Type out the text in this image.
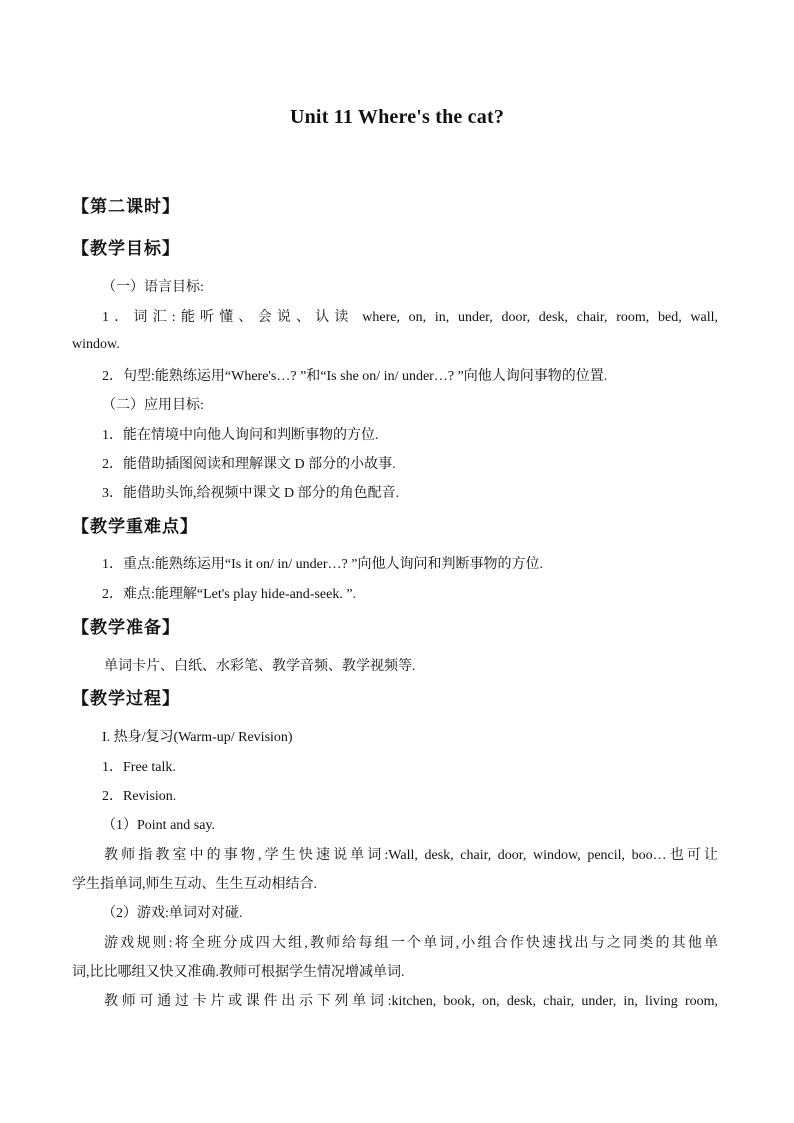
Unit 11 Where's the cat?
【第二课时】
【教学目标】
（一）语言目标:
1．词汇:能听懂、会说、认读 where, on, in, under, door, desk, chair, room, bed, wall,
window.
2．句型:能熟练运用“Where's…? ”和“Is she on/ in/ under…? ”向他人询问事物的位置.
（二）应用目标:
1．能在情境中向他人询问和判断事物的方位.
2．能借助插图阅读和理解课文 D 部分的小故事.
3．能借助头饰,给视频中课文 D 部分的角色配音.
【教学重难点】
1．重点:能熟练运用“Is it on/ in/ under…? ”向他人询问和判断事物的方位.
2．难点:能理解“Let's play hide-and-seek. ”.
【教学准备】
单词卡片、白纸、水彩笔、教学音频、教学视频等.
【教学过程】
I. 热身/复习(Warm-up/ Revision)
1．Free talk.
2．Revision.
（1）Point and say.
教师指教室中的事物,学生快速说单词:Wall, desk, chair, door, window, pencil, boo…也可让
学生指单词,师生互动、生生互动相结合.
（2）游戏:单词对对碰.
游戏规则:将全班分成四大组,教师给每组一个单词,小组合作快速找出与之同类的其他单
词,比比哪组又快又准确.教师可根据学生情况增减单词.
教师可通过卡片或课件出示下列单词:kitchen, book, on, desk, chair, under, in, living room,
